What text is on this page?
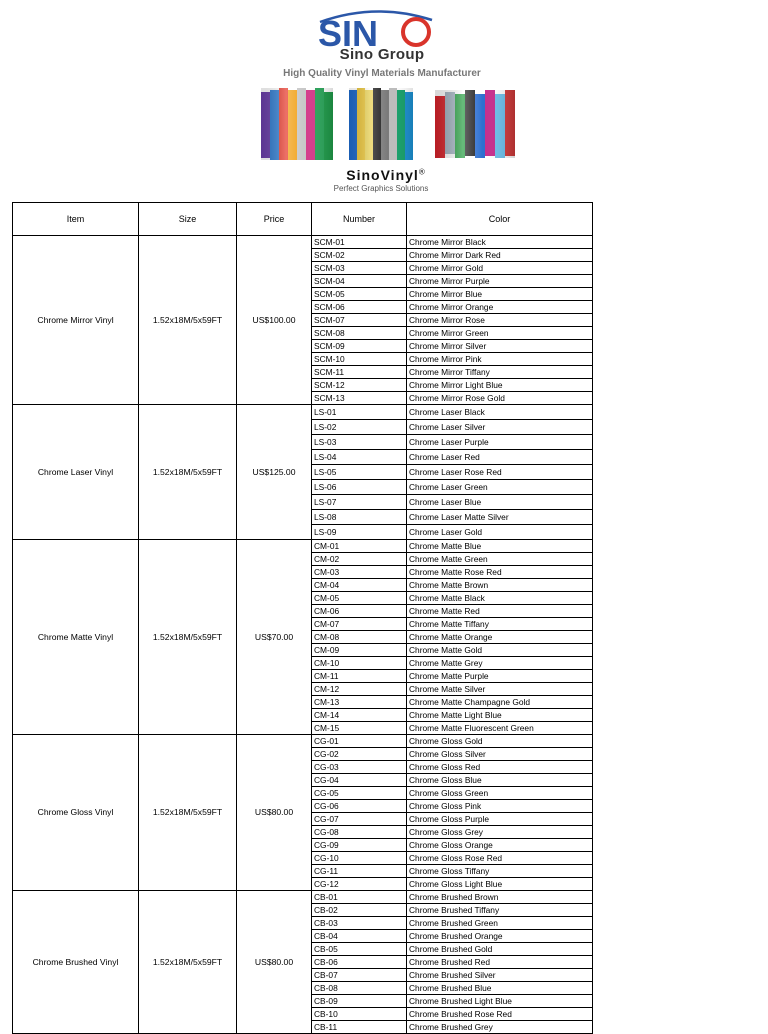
SIN
O
Sino Group
High Quality Vinyl Materials Manufacturer
SinoVinyl®
Perfect Graphics Solutions
Item	Size	Price	Number	Color
Chrome Mirror Vinyl	1.52x18M/5x59FT	US$100.00	SCM-01	Chrome Mirror Black
			SCM-02	Chrome Mirror Dark Red
			SCM-03	Chrome Mirror Gold
			SCM-04	Chrome Mirror Purple
			SCM-05	Chrome Mirror Blue
			SCM-06	Chrome Mirror Orange
			SCM-07	Chrome Mirror Rose
			SCM-08	Chrome Mirror Green
			SCM-09	Chrome Mirror Silver
			SCM-10	Chrome Mirror Pink
			SCM-11	Chrome Mirror Tiffany
			SCM-12	Chrome Mirror Light Blue
			SCM-13	Chrome Mirror Rose Gold
Chrome Laser Vinyl	1.52x18M/5x59FT	US$125.00	LS-01	Chrome Laser Black
			LS-02	Chrome Laser Silver
			LS-03	Chrome Laser Purple
			LS-04	Chrome Laser Red
			LS-05	Chrome Laser Rose Red
			LS-06	Chrome Laser Green
			LS-07	Chrome Laser Blue
			LS-08	Chrome Laser Matte Silver
			LS-09	Chrome Laser Gold
Chrome Matte Vinyl	1.52x18M/5x59FT	US$70.00	CM-01	Chrome Matte Blue
			CM-02	Chrome Matte Green
			CM-03	Chrome Matte Rose Red
			CM-04	Chrome Matte Brown
			CM-05	Chrome Matte Black
			CM-06	Chrome Matte Red
			CM-07	Chrome Matte Tiffany
			CM-08	Chrome Matte Orange
			CM-09	Chrome Matte Gold
			CM-10	Chrome Matte Grey
			CM-11	Chrome Matte Purple
			CM-12	Chrome Matte Silver
			CM-13	Chrome Matte Champagne Gold
			CM-14	Chrome Matte Light Blue
			CM-15	Chrome Matte Fluorescent Green
Chrome Gloss Vinyl	1.52x18M/5x59FT	US$80.00	CG-01	Chrome Gloss Gold
			CG-02	Chrome Gloss Silver
			CG-03	Chrome Gloss Red
			CG-04	Chrome Gloss Blue
			CG-05	Chrome Gloss Green
			CG-06	Chrome Gloss Pink
			CG-07	Chrome Gloss Purple
			CG-08	Chrome Gloss Grey
			CG-09	Chrome Gloss Orange
			CG-10	Chrome Gloss Rose Red
			CG-11	Chrome Gloss Tiffany
			CG-12	Chrome Gloss Light Blue
Chrome Brushed Vinyl	1.52x18M/5x59FT	US$80.00	CB-01	Chrome Brushed Brown
			CB-02	Chrome Brushed Tiffany
			CB-03	Chrome Brushed Green
			CB-04	Chrome Brushed Orange
			CB-05	Chrome Brushed Gold
			CB-06	Chrome Brushed Red
			CB-07	Chrome Brushed Silver
			CB-08	Chrome Brushed Blue
			CB-09	Chrome Brushed Light Blue
			CB-10	Chrome Brushed Rose Red
			CB-11	Chrome Brushed Grey
